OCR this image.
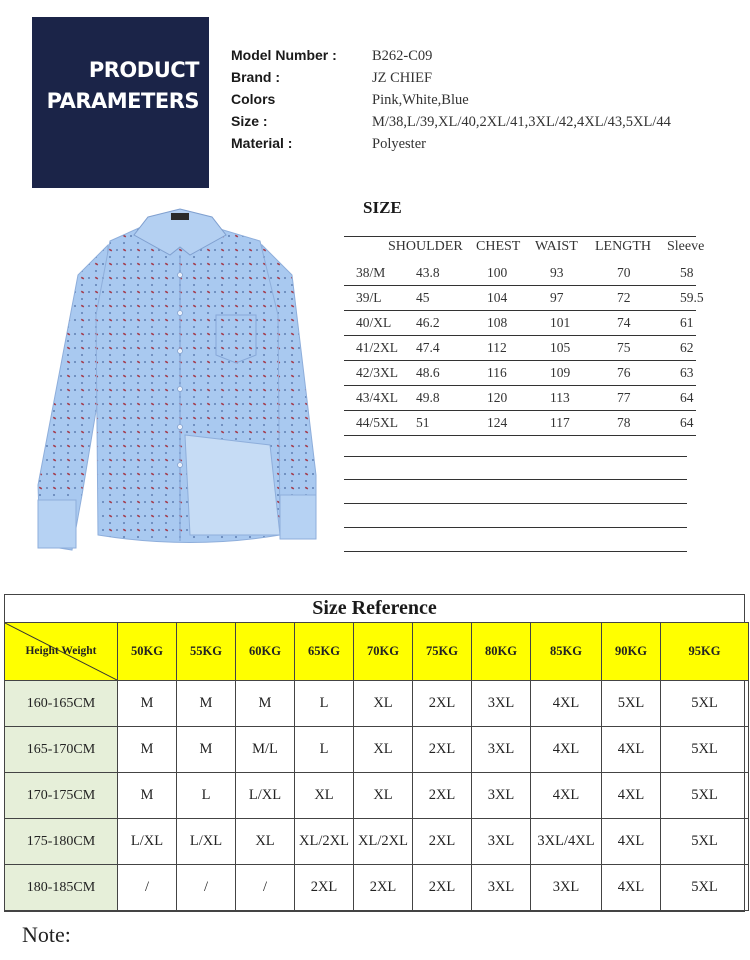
PRODUCT
PARAMETERS
Model Number : B262-C09
Brand :	JZ CHIEF
Colors	Pink,White,Blue
Size :	M/38,L/39,XL/40,2XL/41,3XL/42,4XL/43,5XL/44
Material :	Polyester
SIZE
SHOULDER CHEST WAIST LENGTH Sleeve
38/M 43.8	100	93	70	58
39/L	45	104	97	72	59.5
40/XL 46.2	108	101	74	61
41/2XL 47.4	112	105	75	62
42/3XL 48.6	116	109	76	63
43/4XL 49.8	120	113	77	64
44/5XL 51	124	117	78	64
Size Reference
Height Weight	50KG	55KG	60KG	65KG	70KG	75KG	80KG	85KG	90KG	95KG
160-165CM	M	M	M	L	XL	2XL	3XL	4XL	5XL	5XL
165-170CM	M	M	M/L	L	XL	2XL	3XL	4XL	4XL	5XL
170-175CM	M	L	L/XL	XL	XL	2XL	3XL	4XL	4XL	5XL
175-180CM	L/XL	L/XL	XL	XL/2XL	XL/2XL	2XL	3XL	3XL/4XL	4XL	5XL
180-185CM	/	/	/	2XL	2XL	2XL	3XL	3XL	4XL	5XL
Note:
